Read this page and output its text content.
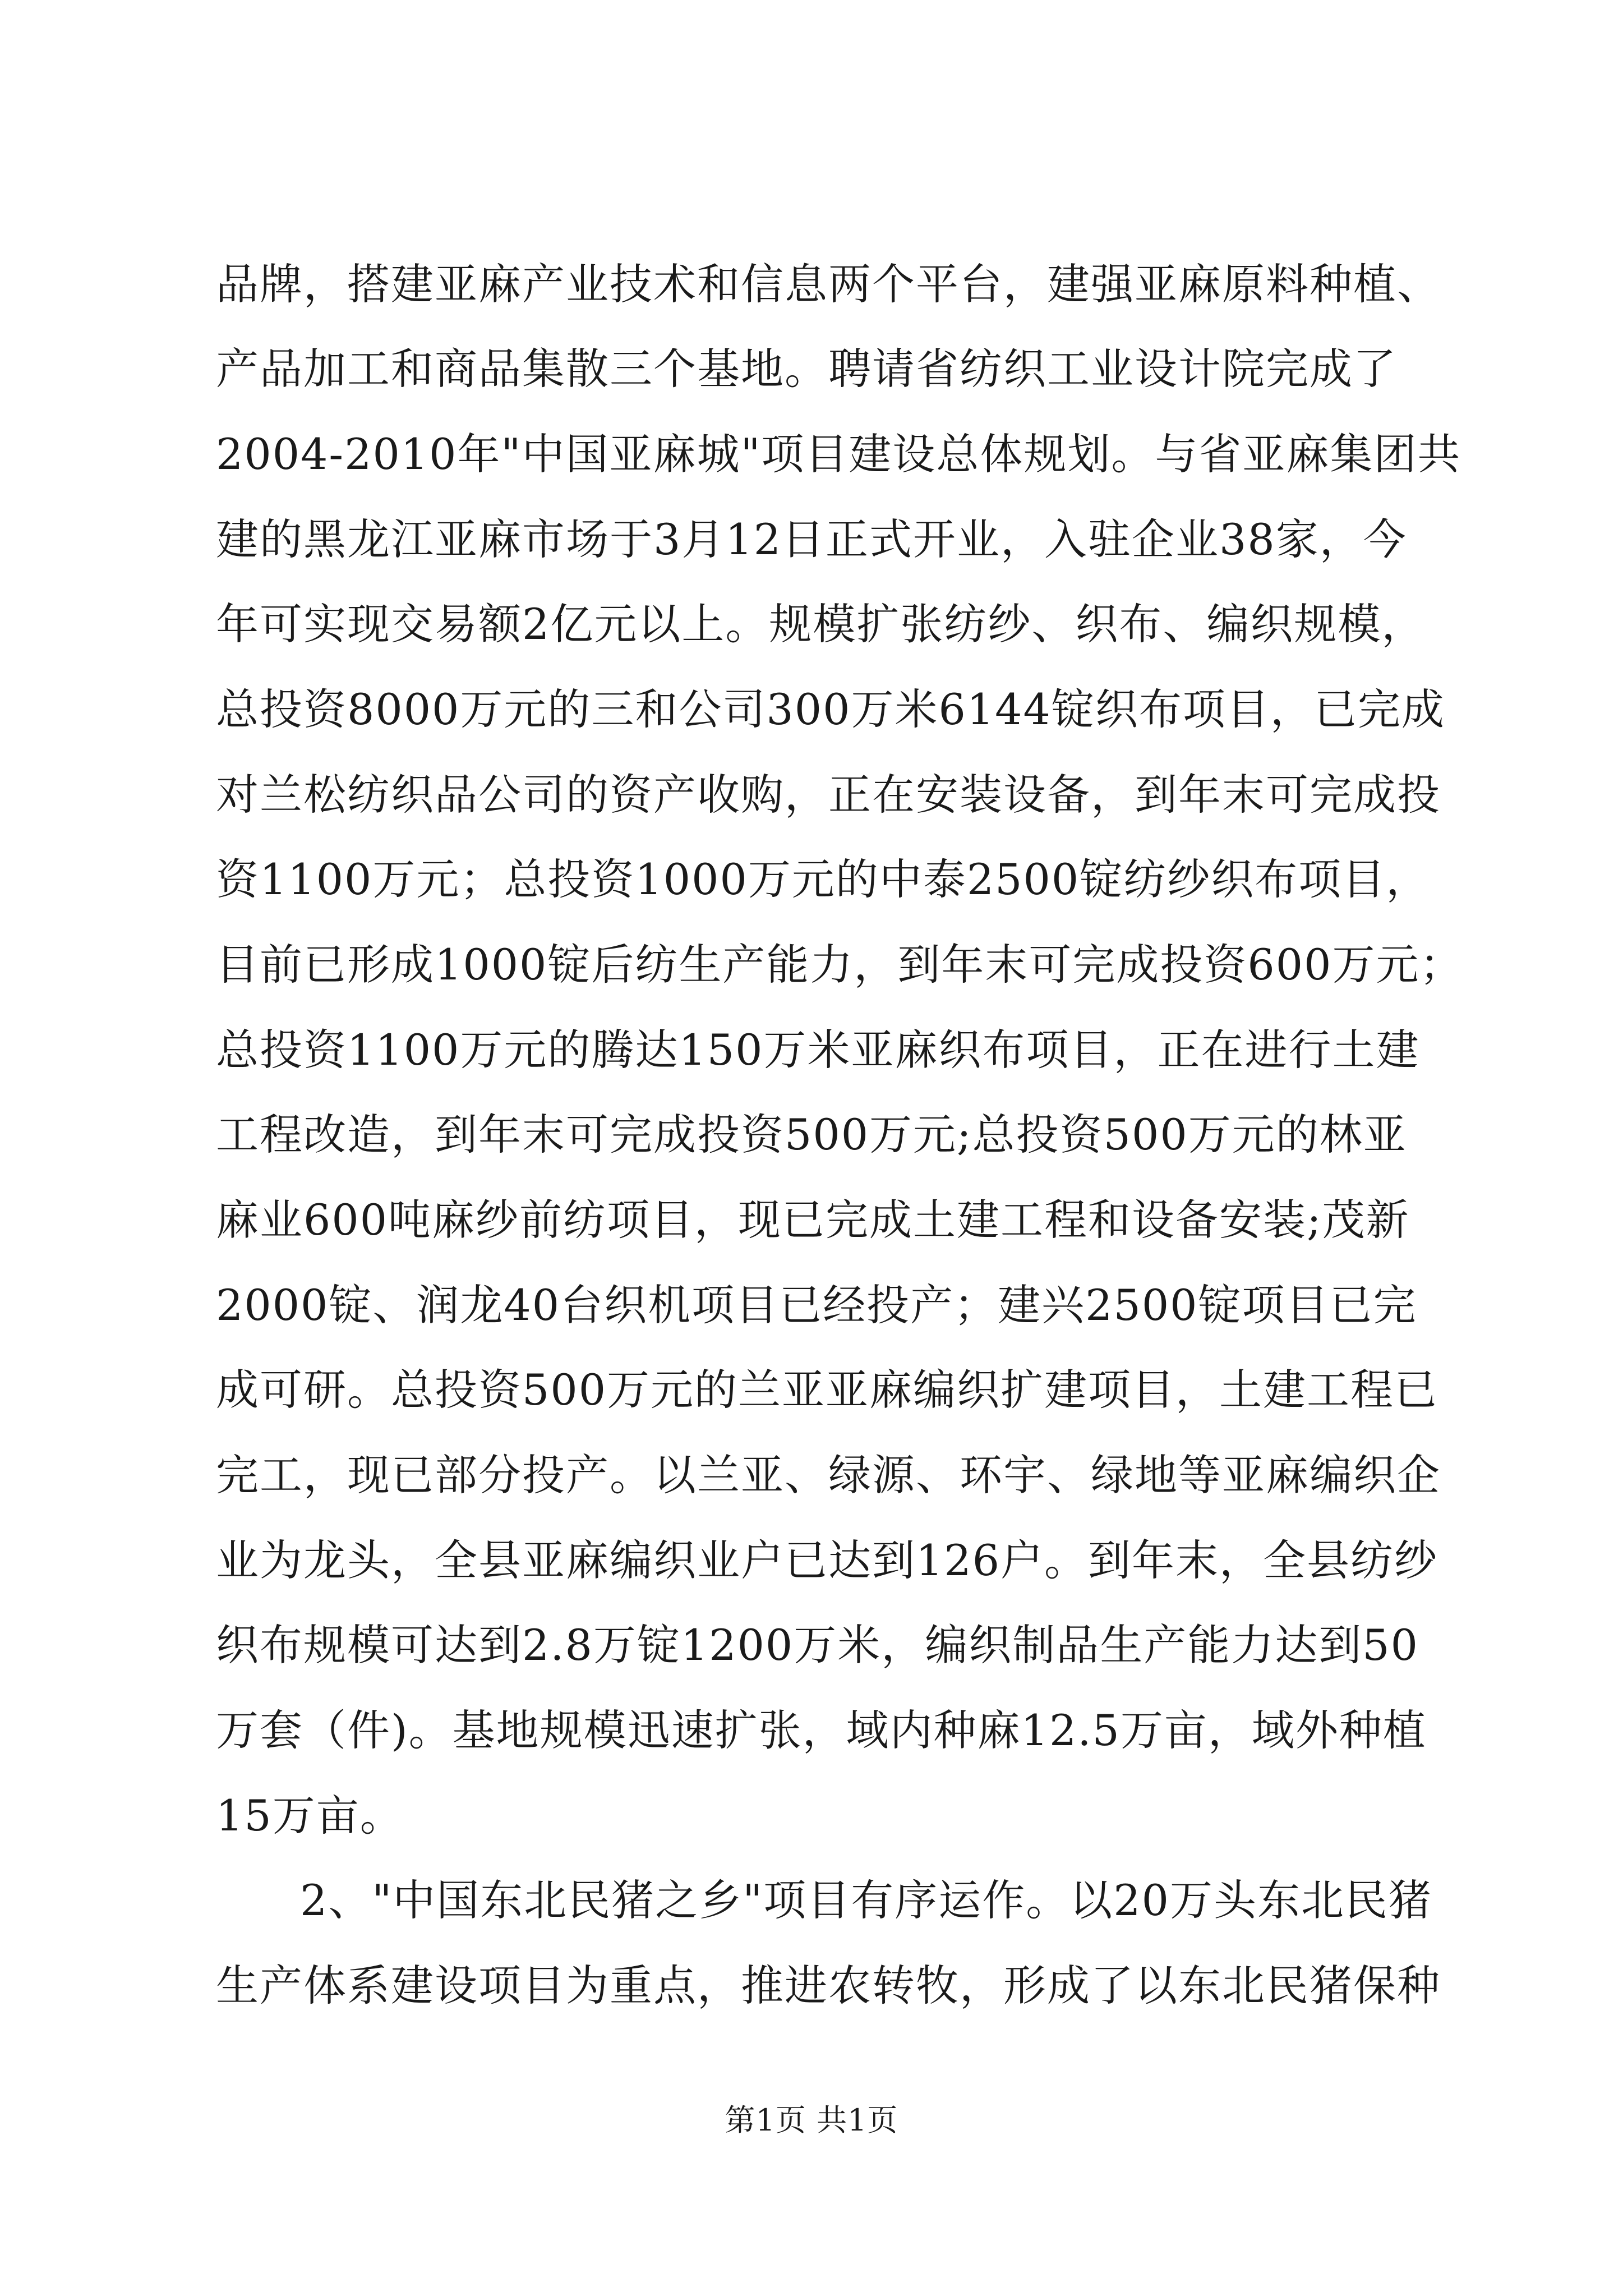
品牌，搭建亚麻产业技术和信息两个平台，建强亚麻原料种植、
产品加工和商品集散三个基地。聘请省纺织工业设计院完成了
2004-2010年"中国亚麻城"项目建设总体规划。与省亚麻集团共
建的黑龙江亚麻市场于3月12日正式开业，入驻企业38家，今
年可实现交易额2亿元以上。规模扩张纺纱、织布、编织规模，
总投资8000万元的三和公司300万米6144锭织布项目，已完成
对兰松纺织品公司的资产收购，正在安装设备，到年末可完成投
资1100万元；总投资1000万元的中泰2500锭纺纱织布项目，
目前已形成1000锭后纺生产能力，到年末可完成投资600万元；
总投资1100万元的腾达150万米亚麻织布项目，正在进行土建
工程改造，到年末可完成投资500万元;总投资500万元的林亚
麻业600吨麻纱前纺项目，现已完成土建工程和设备安装;茂新
2000锭、润龙40台织机项目已经投产；建兴2500锭项目已完
成可研。总投资500万元的兰亚亚麻编织扩建项目，土建工程已
完工，现已部分投产。以兰亚、绿源、环宇、绿地等亚麻编织企
业为龙头，全县亚麻编织业户已达到126户。到年末，全县纺纱
织布规模可达到2.8万锭1200万米，编织制品生产能力达到50
万套（件)。基地规模迅速扩张，域内种麻12.5万亩，域外种植
15万亩。
2、"中国东北民猪之乡"项目有序运作。以20万头东北民猪
生产体系建设项目为重点，推进农转牧，形成了以东北民猪保种
第1页 共1页
